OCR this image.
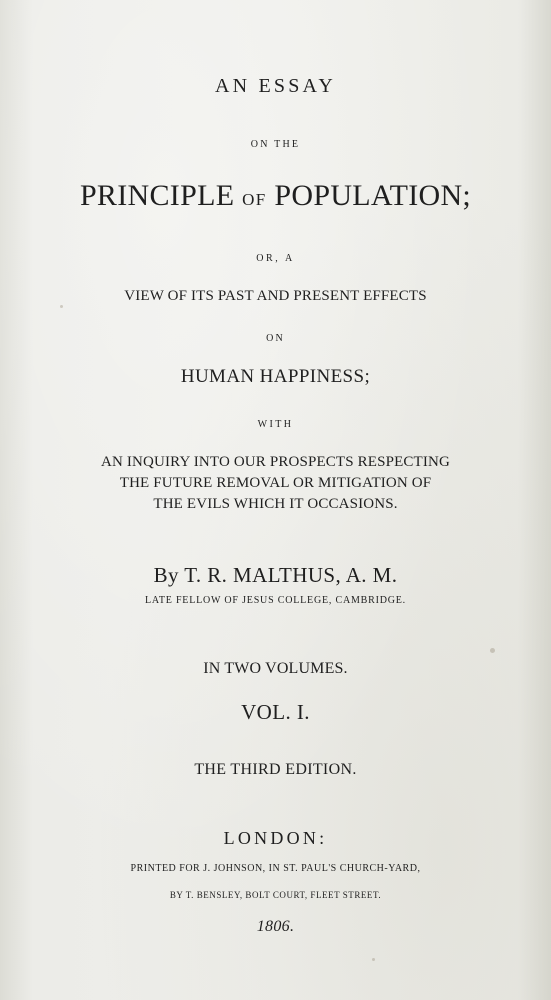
AN ESSAY
ON THE
PRINCIPLE OF POPULATION;
OR, A
VIEW OF ITS PAST AND PRESENT EFFECTS
ON
HUMAN HAPPINESS;
WITH
AN INQUIRY INTO OUR PROSPECTS RESPECTING
THE FUTURE REMOVAL OR MITIGATION OF
THE EVILS WHICH IT OCCASIONS.
By T. R. MALTHUS, A. M.
LATE FELLOW OF JESUS COLLEGE, CAMBRIDGE.
IN TWO VOLUMES.
VOL. I.
THE THIRD EDITION.
LONDON:
PRINTED FOR J. JOHNSON, IN ST. PAUL'S CHURCH-YARD,
BY T. BENSLEY, BOLT COURT, FLEET STREET.
1806.
